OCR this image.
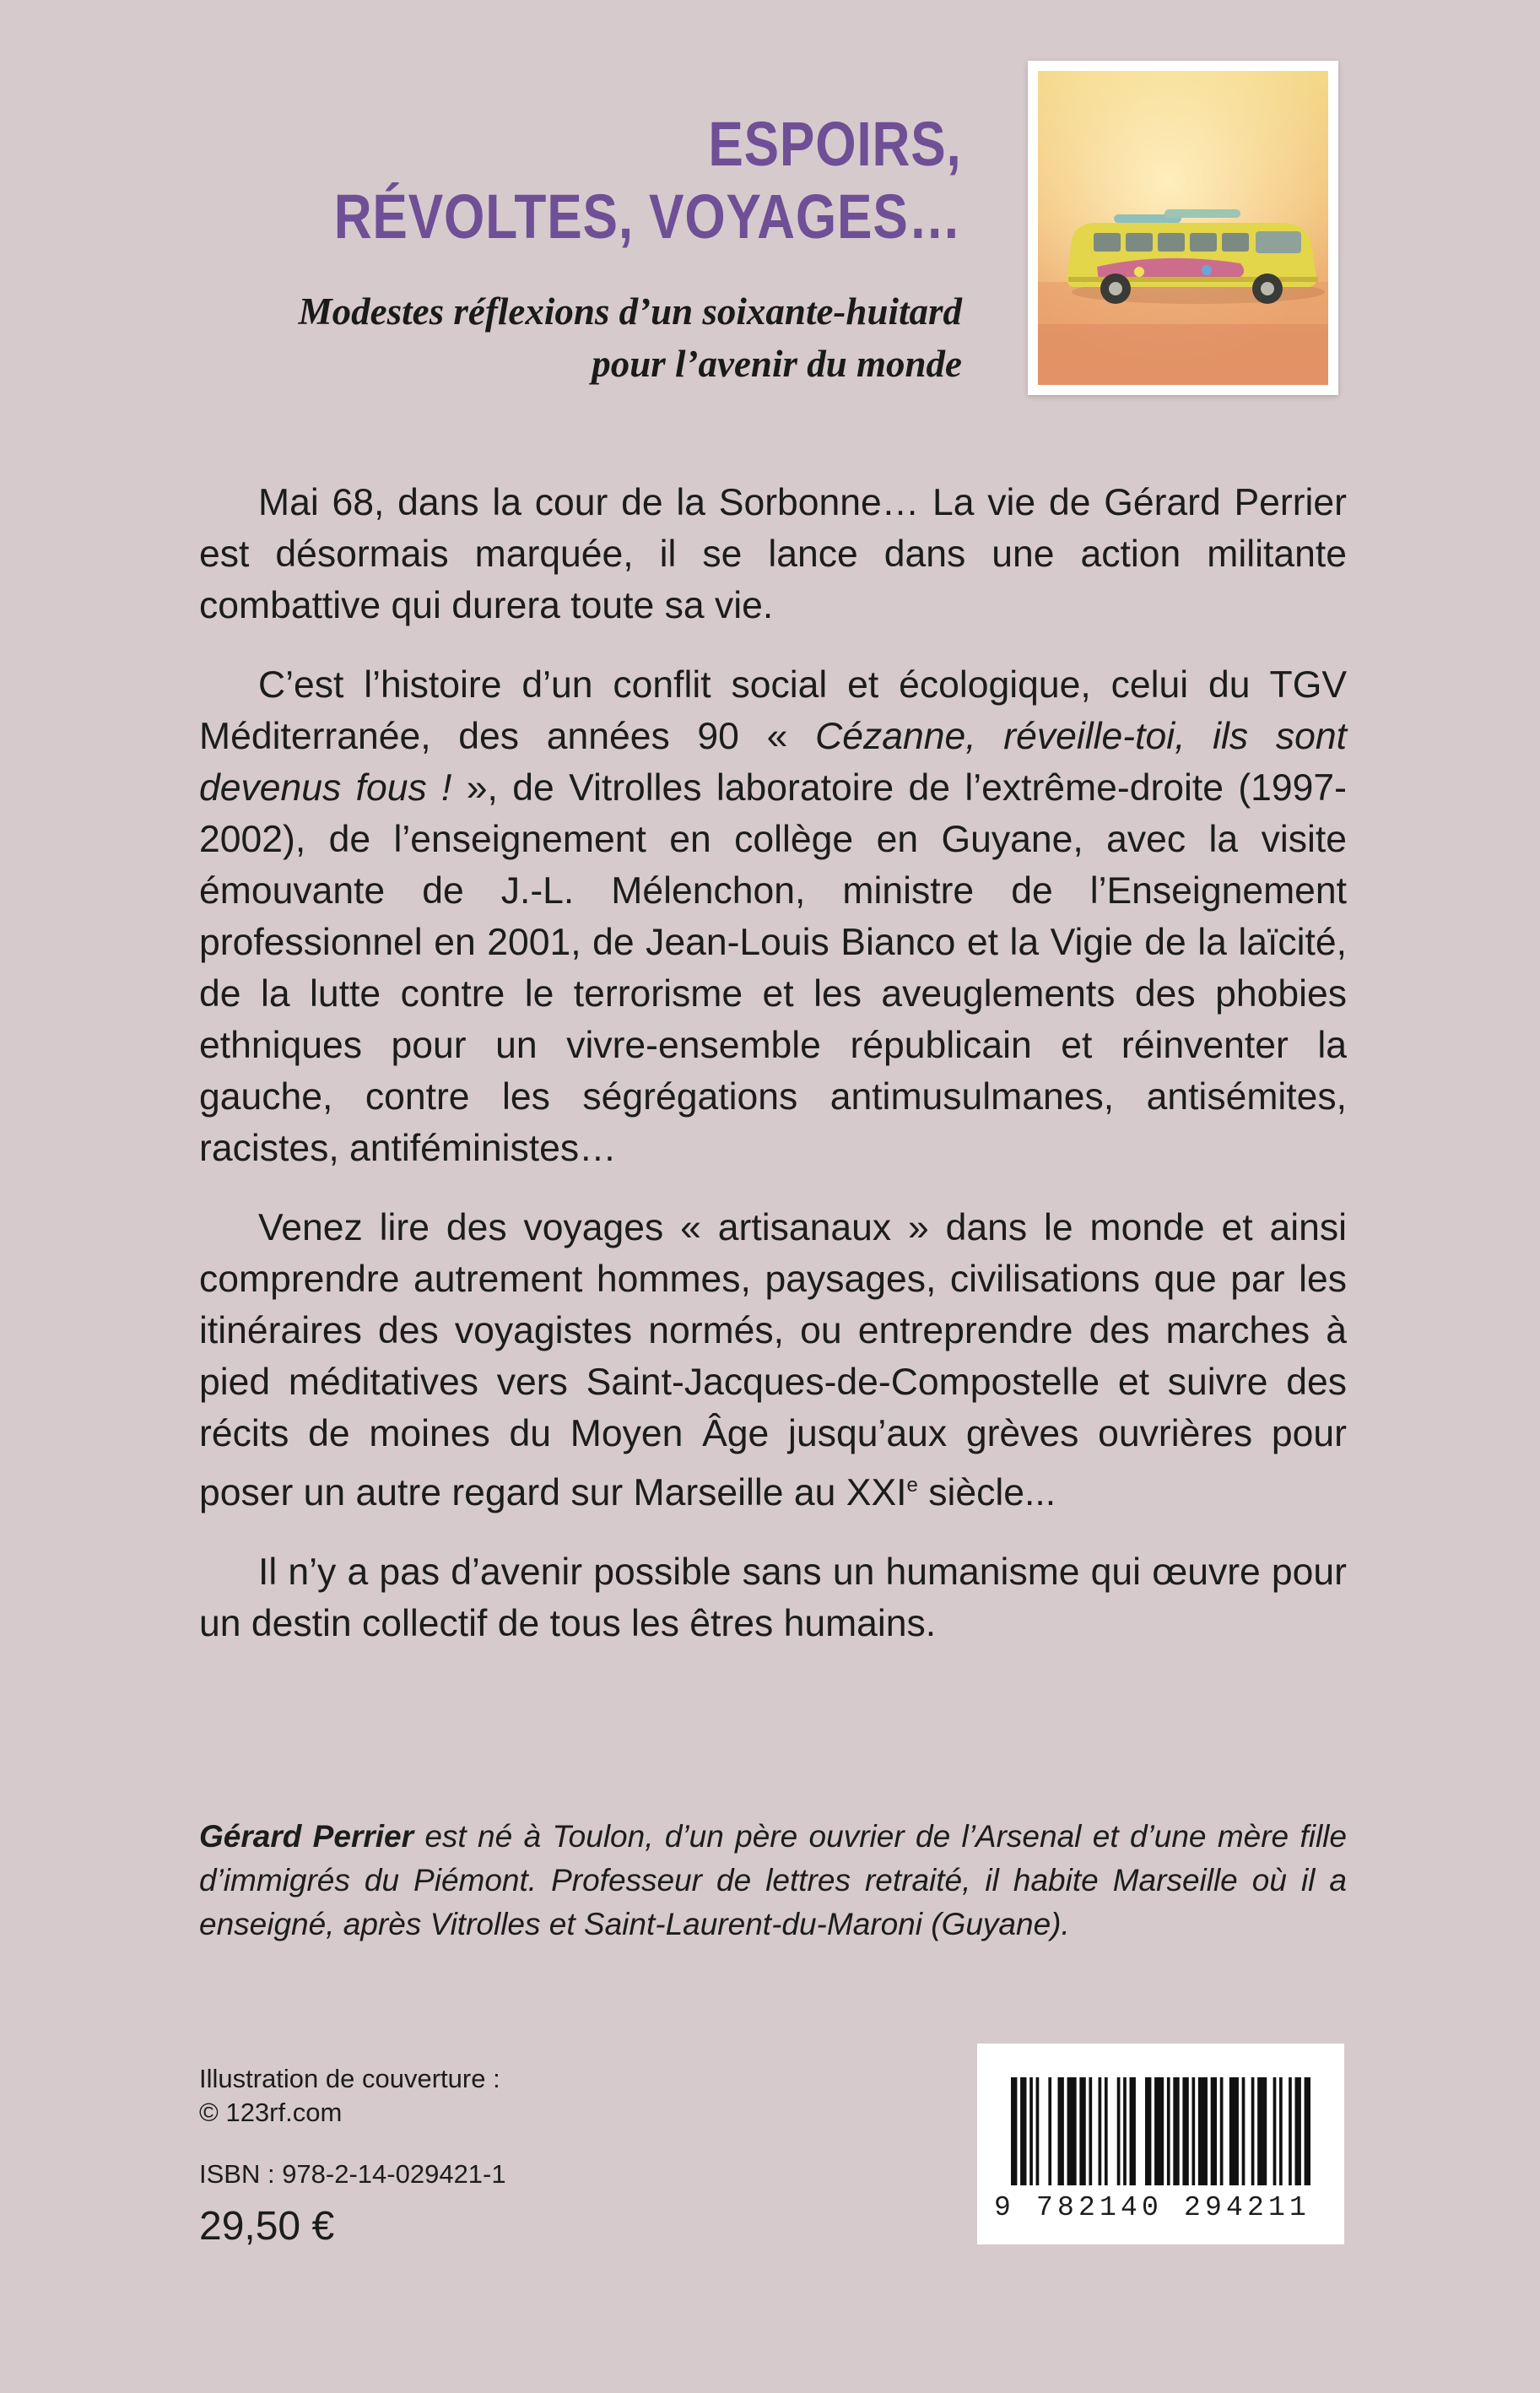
ESPOIRS,
RÉVOLTES, VOYAGES…
Modestes réflexions d’un soixante-huitard
pour l’avenir du monde

Mai 68, dans la cour de la Sorbonne… La vie de Gérard Perrier est désormais marquée, il se lance dans une action militante combattive qui durera toute sa vie.

C’est l’histoire d’un conflit social et écologique, celui du TGV Méditerranée, des années 90 « Cézanne, réveille-toi, ils sont devenus fous ! », de Vitrolles laboratoire de l’extrême-droite (1997-2002), de l’enseignement en collège en Guyane, avec la visite émouvante de J.-L. Mélenchon, ministre de l’Enseignement professionnel en 2001, de Jean-Louis Bianco et la Vigie de la laïcité, de la lutte contre le terrorisme et les aveuglements des phobies ethniques pour un vivre-ensemble républicain et réinventer la gauche, contre les ségrégations antimusulmanes, antisémites, racistes, antiféministes…

Venez lire des voyages « artisanaux » dans le monde et ainsi comprendre autrement hommes, paysages, civilisations que par les itinéraires des voyagistes normés, ou entreprendre des marches à pied méditatives vers Saint-Jacques-de-Compostelle et suivre des récits de moines du Moyen Âge jusqu’aux grèves ouvrières pour poser un autre regard sur Marseille au XXIe siècle...

Il n’y a pas d’avenir possible sans un humanisme qui œuvre pour un destin collectif de tous les êtres humains.

Gérard Perrier est né à Toulon, d’un père ouvrier de l’Arsenal et d’une mère fille d’immigrés du Piémont. Professeur de lettres retraité, il habite Marseille où il a enseigné, après Vitrolles et Saint-Laurent-du-Maroni (Guyane).

Illustration de couverture :
© 123rf.com

ISBN : 978-2-14-029421-1

29,50 €	9 782140 294211
